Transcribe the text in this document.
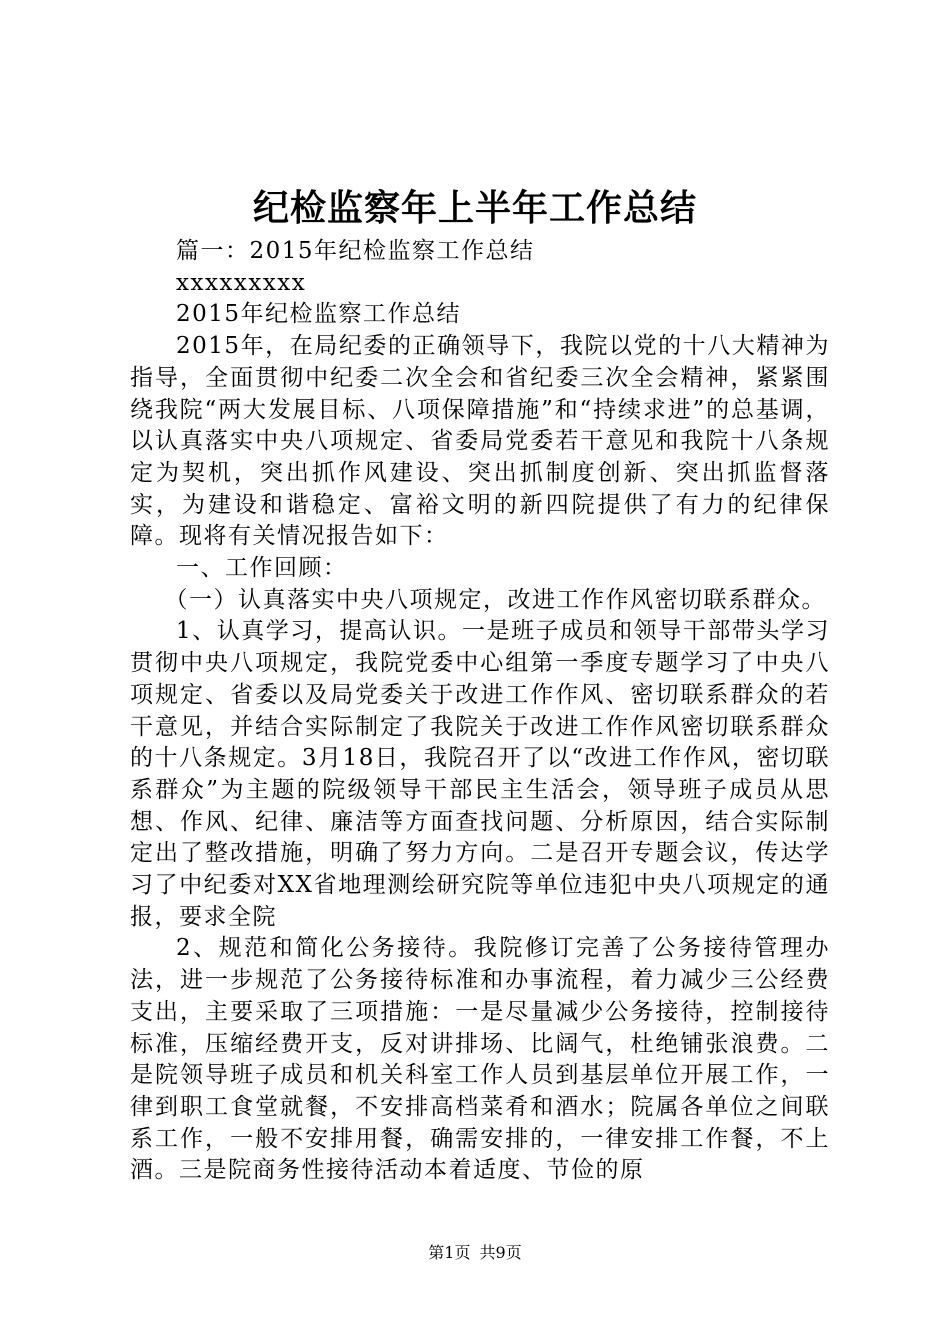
纪检监察年上半年工作总结

篇一：2015年纪检监察工作总结

xxxxxxxxx

2015年纪检监察工作总结

2015年，在局纪委的正确领导下，我院以党的十八大精神为指导，全面贯彻中纪委二次全会和省纪委三次全会精神，紧紧围绕我院“两大发展目标、八项保障措施”和“持续求进”的总基调，以认真落实中央八项规定、省委局党委若干意见和我院十八条规定为契机，突出抓作风建设、突出抓制度创新、突出抓监督落实，为建设和谐稳定、富裕文明的新四院提供了有力的纪律保障。现将有关情况报告如下：

一、工作回顾：

（一）认真落实中央八项规定，改进工作作风密切联系群众。

1、认真学习，提高认识。一是班子成员和领导干部带头学习贯彻中央八项规定，我院党委中心组第一季度专题学习了中央八项规定、省委以及局党委关于改进工作作风、密切联系群众的若干意见，并结合实际制定了我院关于改进工作作风密切联系群众的十八条规定。3月18日，我院召开了以“改进工作作风，密切联系群众”为主题的院级领导干部民主生活会，领导班子成员从思想、作风、纪律、廉洁等方面查找问题、分析原因，结合实际制定出了整改措施，明确了努力方向。二是召开专题会议，传达学习了中纪委对XX省地理测绘研究院等单位违犯中央八项规定的通报，要求全院

2、规范和简化公务接待。我院修订完善了公务接待管理办法，进一步规范了公务接待标准和办事流程，着力减少三公经费支出，主要采取了三项措施：一是尽量减少公务接待，控制接待标准，压缩经费开支，反对讲排场、比阔气，杜绝铺张浪费。二是院领导班子成员和机关科室工作人员到基层单位开展工作，一律到职工食堂就餐，不安排高档菜肴和酒水；院属各单位之间联系工作，一般不安排用餐，确需安排的，一律安排工作餐，不上酒。三是院商务性接待活动本着适度、节俭的原

第1页 共9页
